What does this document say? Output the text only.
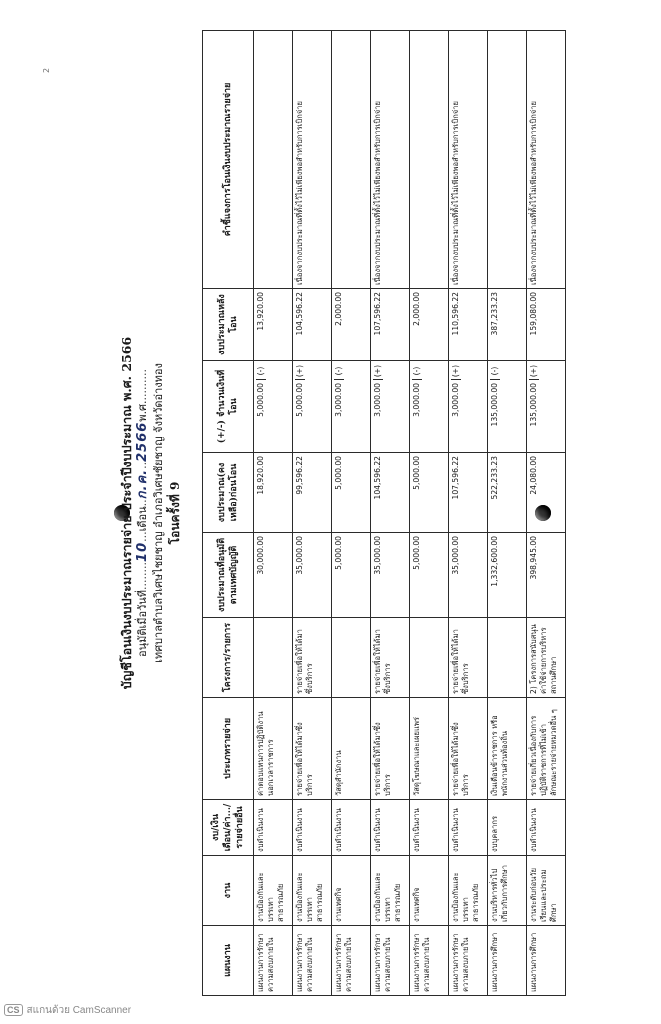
2
บัญชีโอนเงินงบประมาณรายจ่าย ประจำปีงบประมาณ พ.ศ. 2566 อนุมัติเมื่อวันที่........10...เดือน..ก.ค...2566พ.ศ.......... เทศบาลตำบลวิเศษไชยชาญ อำเภอวิเศษชัยชาญ จังหวัดอ่างทอง โอนครั้งที่ 9
แผนงาน	งาน	งบ/เงินเดือน/ค่า.../รายจ่ายอื่น	ประเภทรายจ่าย	โครงการ/รายการ	งบประมาณที่อนุมัติตามเทศบัญญัติ	งบประมาณ(คงเหลือ)ก่อนโอน	(+/-) จำนวนเงินที่โอน	งบประมาณหลังโอน	คำชี้แจงการโอนเงินงบประมาณรายจ่าย
แผนงานการรักษาความสงบภายใน	งานป้องกันและบรรเทาสาธารณภัย	งบดำเนินงาน	ค่าตอบแทนการปฏิบัติงานนอกเวลาราชการ		30,000.00	18,920.00	5,000.00(-)	13,920.00	
แผนงานการรักษาความสงบภายใน	งานป้องกันและบรรเทาสาธารณภัย	งบดำเนินงาน	รายจ่ายเพื่อให้ได้มาซึ่งบริการ	รายจ่ายเพื่อให้ได้มาซึ่งบริการ	35,000.00	99,596.22	5,000.00(+)	104,596.22	เนื่องจากงบประมาณที่ตั้งไว้ไม่เพียงพอสำหรับการเบิกจ่าย
แผนงานการรักษาความสงบภายใน	งานเทศกิจ	งบดำเนินงาน	วัสดุสำนักงาน		5,000.00	5,000.00	3,000.00(-)	2,000.00	
แผนงานการรักษาความสงบภายใน	งานป้องกันและบรรเทาสาธารณภัย	งบดำเนินงาน	รายจ่ายเพื่อให้ได้มาซึ่งบริการ	รายจ่ายเพื่อให้ได้มาซึ่งบริการ	35,000.00	104,596.22	3,000.00(+)	107,596.22	เนื่องจากงบประมาณที่ตั้งไว้ไม่เพียงพอสำหรับการเบิกจ่าย
แผนงานการรักษาความสงบภายใน	งานเทศกิจ	งบดำเนินงาน	วัสดุโฆษณาและเผยแพร่		5,000.00	5,000.00	3,000.00(-)	2,000.00	
แผนงานการรักษาความสงบภายใน	งานป้องกันและบรรเทาสาธารณภัย	งบดำเนินงาน	รายจ่ายเพื่อให้ได้มาซึ่งบริการ	รายจ่ายเพื่อให้ได้มาซึ่งบริการ	35,000.00	107,596.22	3,000.00(+)	110,596.22	เนื่องจากงบประมาณที่ตั้งไว้ไม่เพียงพอสำหรับการเบิกจ่าย
แผนงานการศึกษา	งานบริหารทั่วไปเกี่ยวกับการศึกษา	งบบุคลากร	เงินเดือนข้าราชการ หรือพนักงานส่วนท้องถิ่น		1,332,600.00	522,233.23	135,000.00(-)	387,233.23	
แผนงานการศึกษา	งานระดับก่อนวัยเรียนและประถมศึกษา	งบดำเนินงาน	รายจ่ายเกี่ยวเนื่องกับการปฏิบัติราชการที่ไม่เข้าลักษณะรายจ่ายหมวดอื่น ๆ	2) โครงการสนับสนุนค่าใช้จ่ายการบริหารสถานศึกษา	398,945.00	24,080.00	135,000.00(+)	159,080.00	เนื่องจากงบประมาณที่ตั้งไว้ไม่เพียงพอสำหรับการเบิกจ่าย
CS สแกนด้วย CamScanner
